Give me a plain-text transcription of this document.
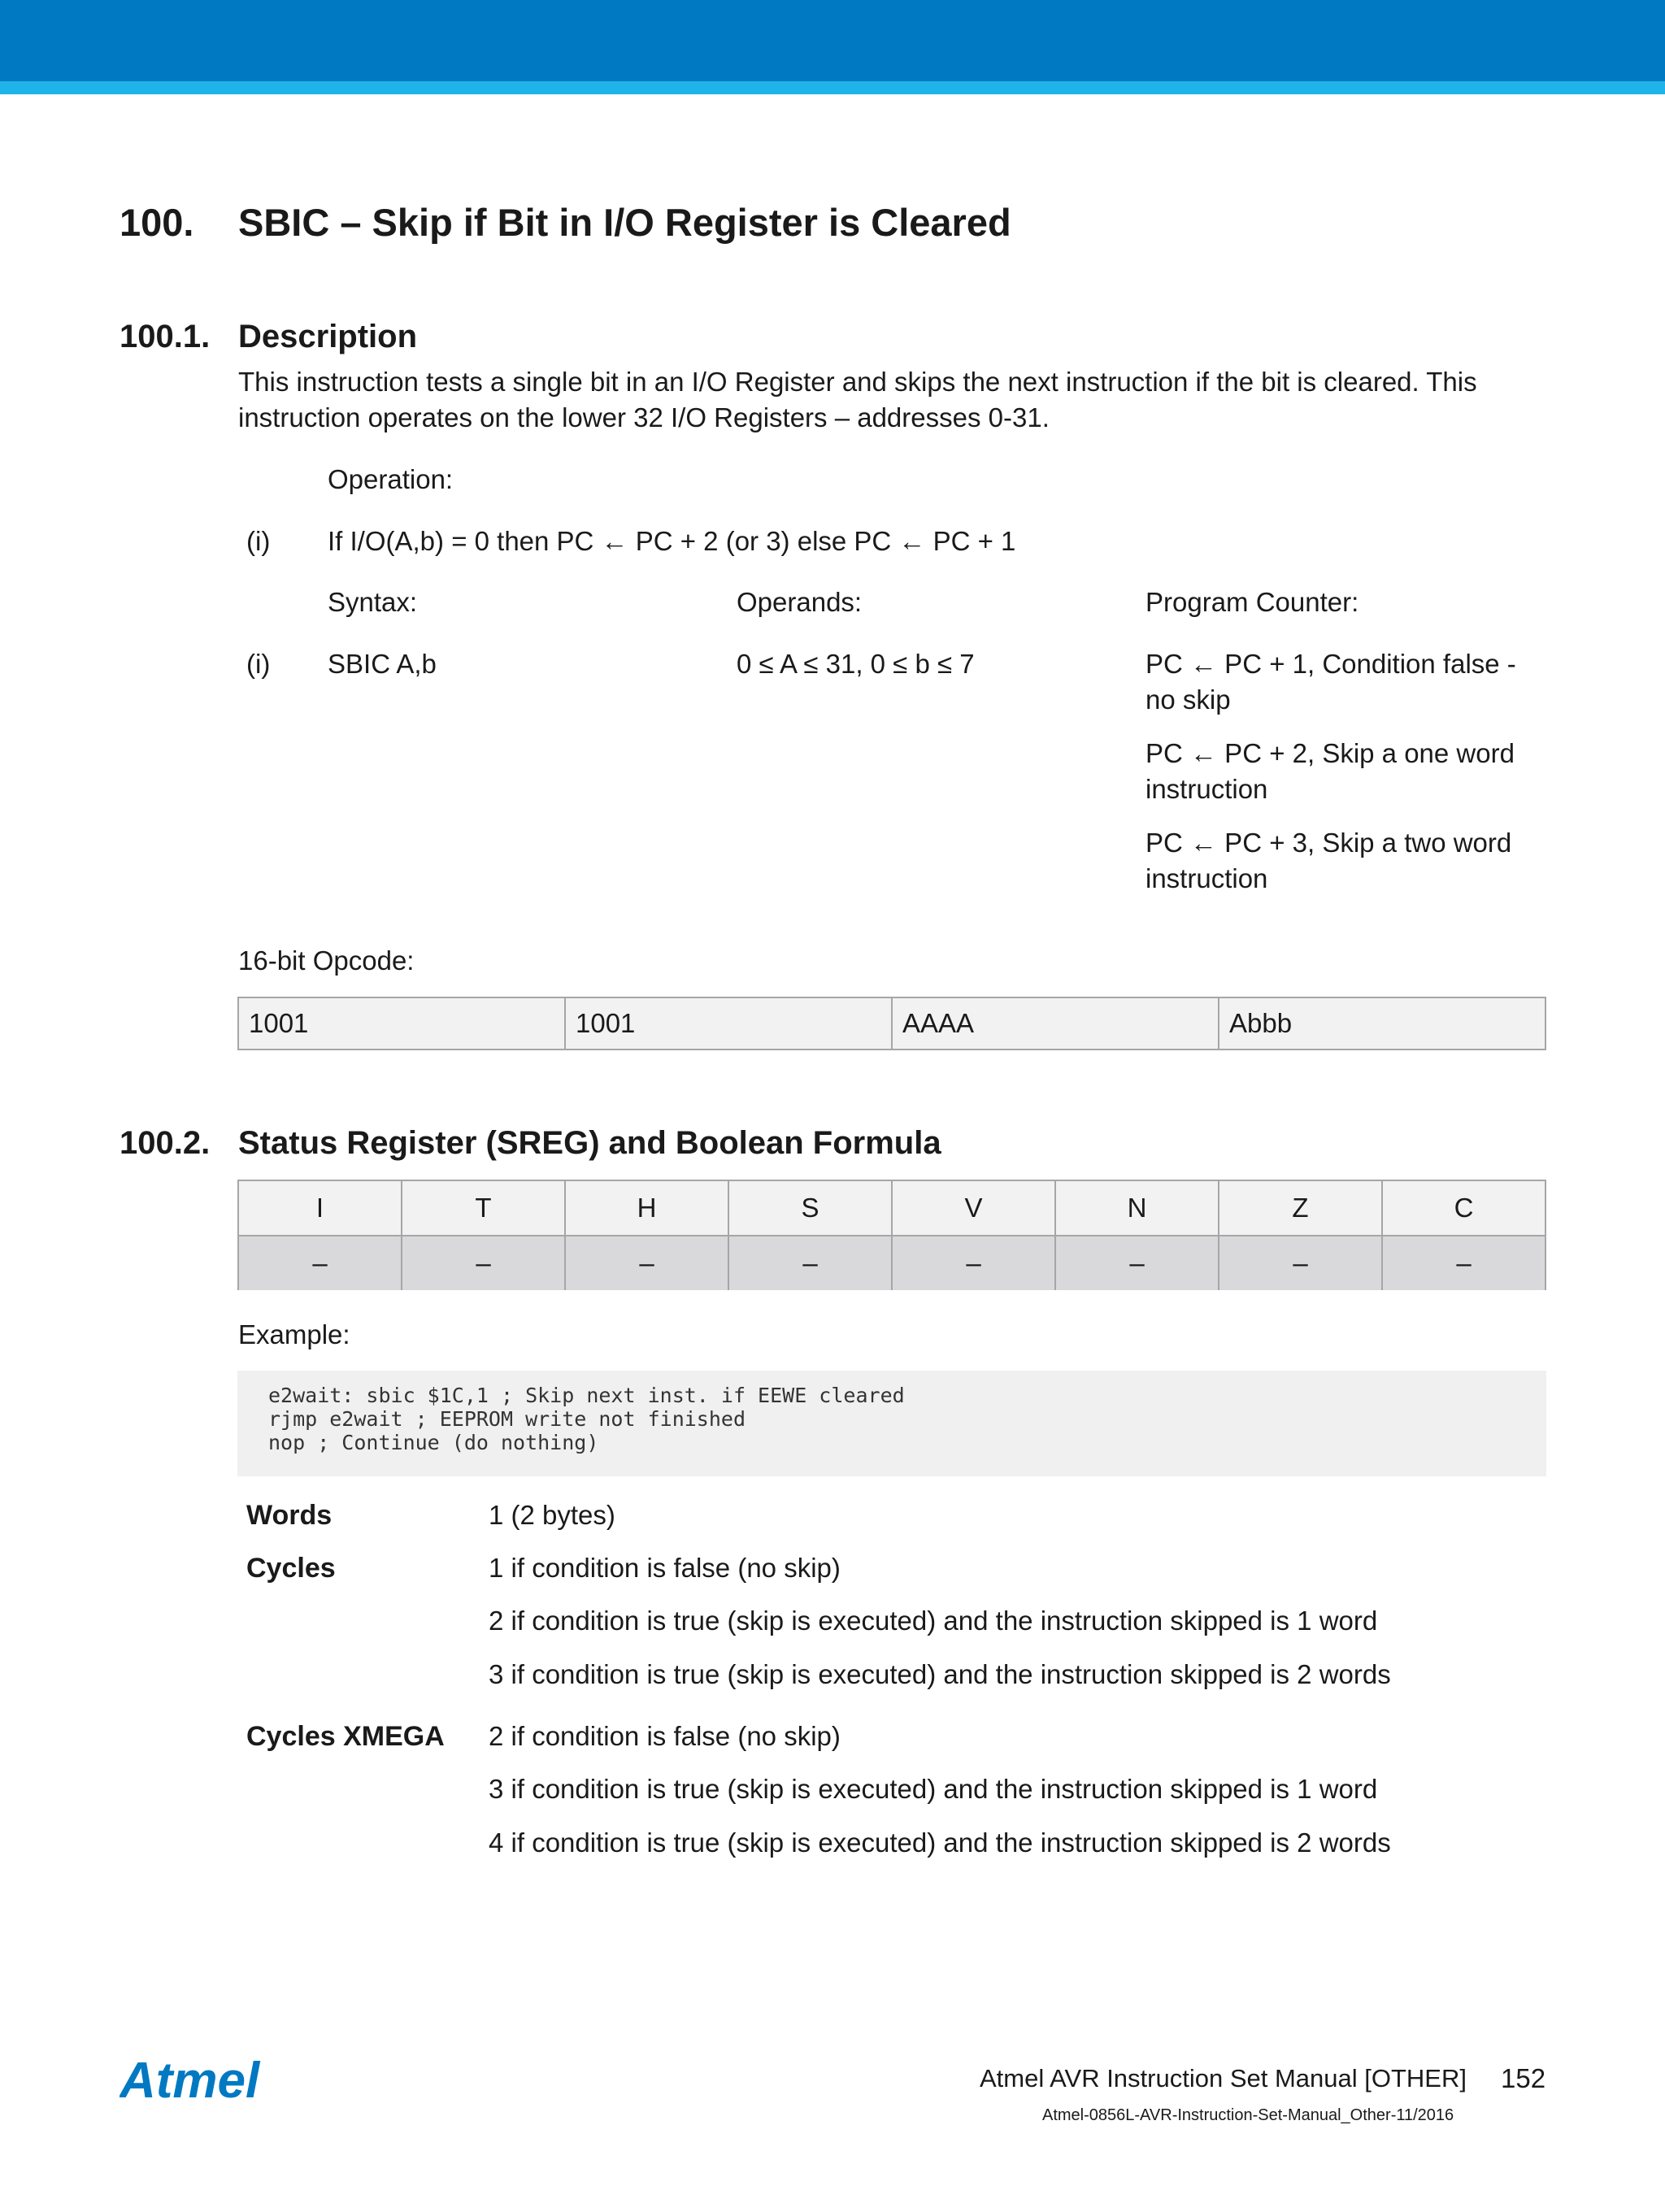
100. SBIC – Skip if Bit in I/O Register is Cleared
100.1. Description
This instruction tests a single bit in an I/O Register and skips the next instruction if the bit is cleared. This instruction operates on the lower 32 I/O Registers – addresses 0-31.
Operation:
(i) If I/O(A,b) = 0 then PC ← PC + 2 (or 3) else PC ← PC + 1
Syntax:	Operands:	Program Counter:
(i) SBIC A,b	0 ≤ A ≤ 31, 0 ≤ b ≤ 7	PC ← PC + 1, Condition false - no skip
PC ← PC + 2, Skip a one word instruction
PC ← PC + 3, Skip a two word instruction
16-bit Opcode:
1001	1001	AAAA	Abbb
100.2. Status Register (SREG) and Boolean Formula
I	T	H	S	V	N	Z	C
–	–	–	–	–	–	–	–
Example:
e2wait: sbic $1C,1 ; Skip next inst. if EEWE cleared
rjmp e2wait ; EEPROM write not finished
nop ; Continue (do nothing)
Words	1 (2 bytes)
Cycles	1 if condition is false (no skip)
2 if condition is true (skip is executed) and the instruction skipped is 1 word
3 if condition is true (skip is executed) and the instruction skipped is 2 words
Cycles XMEGA 2 if condition is false (no skip)
3 if condition is true (skip is executed) and the instruction skipped is 1 word
4 if condition is true (skip is executed) and the instruction skipped is 2 words
Atmel	Atmel AVR Instruction Set Manual [OTHER] 152
Atmel-0856L-AVR-Instruction-Set-Manual_Other-11/2016
